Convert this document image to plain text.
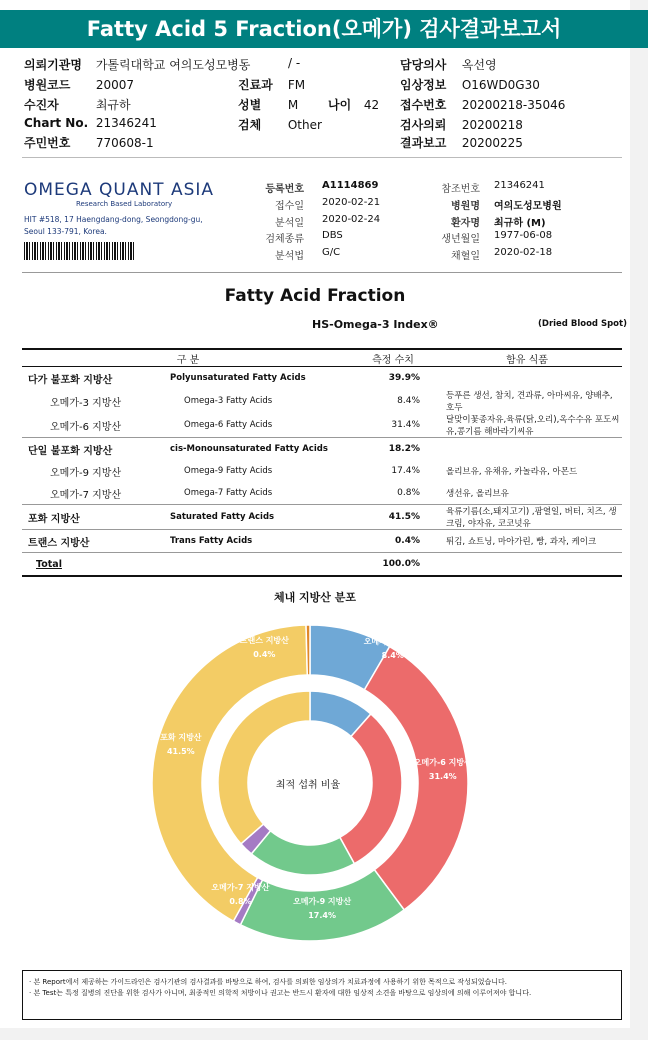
Fatty Acid 5 Fraction(오메가) 검사결과보고서
의뢰기관명 가톨릭대학교 여의도성모병동	/ -	담당의사 옥선영
병원코드 20007	진료과 FM	임상정보 O16WD0G30
수진자	최규하	성별 M 나이 42 접수번호 20200218-35046
Chart No. 21346241	검체 Other	검사의뢰 20200218
주민번호 770608-1	결과보고 20200225
OMEGA QUANT ASIA
Research Based Laboratory
HIT #518, 17 Haengdang-dong, Seongdong-gu,
Seoul 133-791, Korea.
등록번호 A1114869
접수일 2020-02-21
분석일 2020-02-24
검체종류 DBS
분석법 G/C
참조번호 21346241
병원명 여의도성모병원
환자명 최규하 (M)
생년월일 1977-06-08
채혈일 2020-02-18
Fatty Acid Fraction
HS-Omega-3 Index®	(Dried Blood Spot)
구 분		측정 수치	함유 식품
다가 불포화 지방산	Polyunsaturated Fatty Acids	39.9%	
오메가-3 지방산	Omega-3 Fatty Acids	8.4%	등푸른 생선, 참치, 견과류, 아마씨유, 양배추, 호두
오메가-6 지방산	Omega-6 Fatty Acids	31.4%	달맞이꽃종자유,육류(닭,오리),옥수수유 포도씨유,콩기름 해바라기씨유
단일 불포화 지방산	cis-Monounsaturated Fatty Acids	18.2%	
오메가-9 지방산	Omega-9 Fatty Acids	17.4%	올리브유, 유채유, 카놀라유, 아몬드
오메가-7 지방산	Omega-7 Fatty Acids	0.8%	생선유, 올리브유
포화 지방산	Saturated Fatty Acids	41.5%	육류기름(소,돼지고기) ,팜열일, 버터, 치즈, 생크림, 야자유, 코코넛유
트랜스 지방산	Trans Fatty Acids	0.4%	튀김, 쇼트닝, 마아가린, 빵, 과자, 케이크
Total		100.0%	
체내 지방산 분포
오메가-3 지방산
8.4%
오메가-6 지방산
31.4%
오메가-9 지방산
17.4%
오메가-7 지방산
0.8%
포화 지방산
41.5%
트랜스 지방산
0.4%
최적 섭취 비율
· 본 Report에서 제공하는 가이드라인은 검사기관의 검사결과를 바탕으로 하여, 검사를 의뢰한 임상의가 치료과정에 사용하기 위한 목적으로 작성되었습니다.
· 본 Test는 특정 질병의 진단을 위한 검사가 아니며, 최종적인 의학적 처방이나 권고는 반드시 환자에 대한 임상적 소견을 바탕으로 임상의에 의해 이루어져야 합니다.
